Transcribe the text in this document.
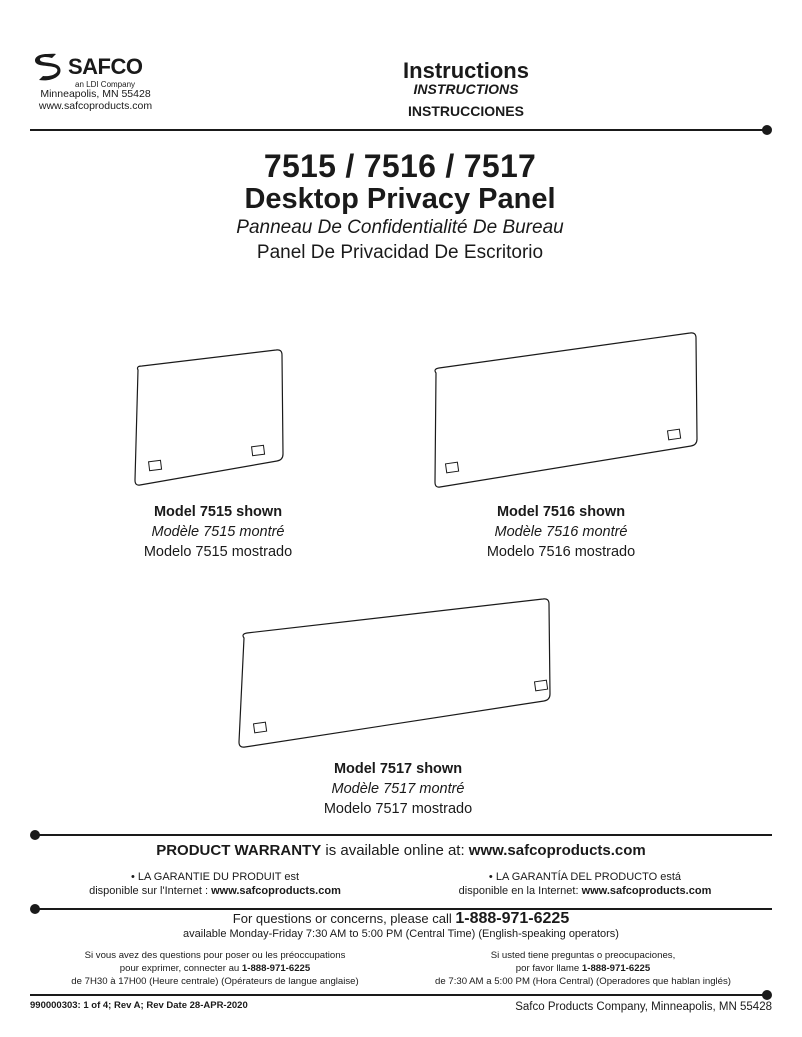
SAFCO
an LDI Company
Minneapolis, MN 55428
www.safcoproducts.com
Instructions
INSTRUCTIONS
INSTRUCCIONES
7515 / 7516 / 7517
Desktop Privacy Panel
Panneau De Confidentialité De Bureau
Panel De Privacidad De Escritorio
Model 7515 shown
Modèle 7515 montré
Modelo 7515 mostrado
Model 7516 shown
Modèle 7516 montré
Modelo 7516 mostrado
Model 7517 shown
Modèle 7517 montré
Modelo 7517 mostrado
PRODUCT WARRANTY is available online at: www.safcoproducts.com
• LA GARANTIE DU PRODUIT est
disponible sur l'Internet : www.safcoproducts.com
• LA GARANTÍA DEL PRODUCTO está
disponible en la Internet: www.safcoproducts.com
For questions or concerns, please call 1-888-971-6225
available Monday-Friday 7:30 AM to 5:00 PM (Central Time) (English-speaking operators)
Si vous avez des questions pour poser ou les préoccupations
pour exprimer, connecter au 1-888-971-6225
de 7H30 à 17H00 (Heure centrale) (Opérateurs de langue anglaise)
Si usted tiene preguntas o preocupaciones,
por favor llame 1-888-971-6225
de 7:30 AM a 5:00 PM (Hora Central) (Operadores que hablan inglés)
990000303: 1 of 4; Rev A; Rev Date 28-APR-2020	Safco Products Company, Minneapolis, MN 55428
